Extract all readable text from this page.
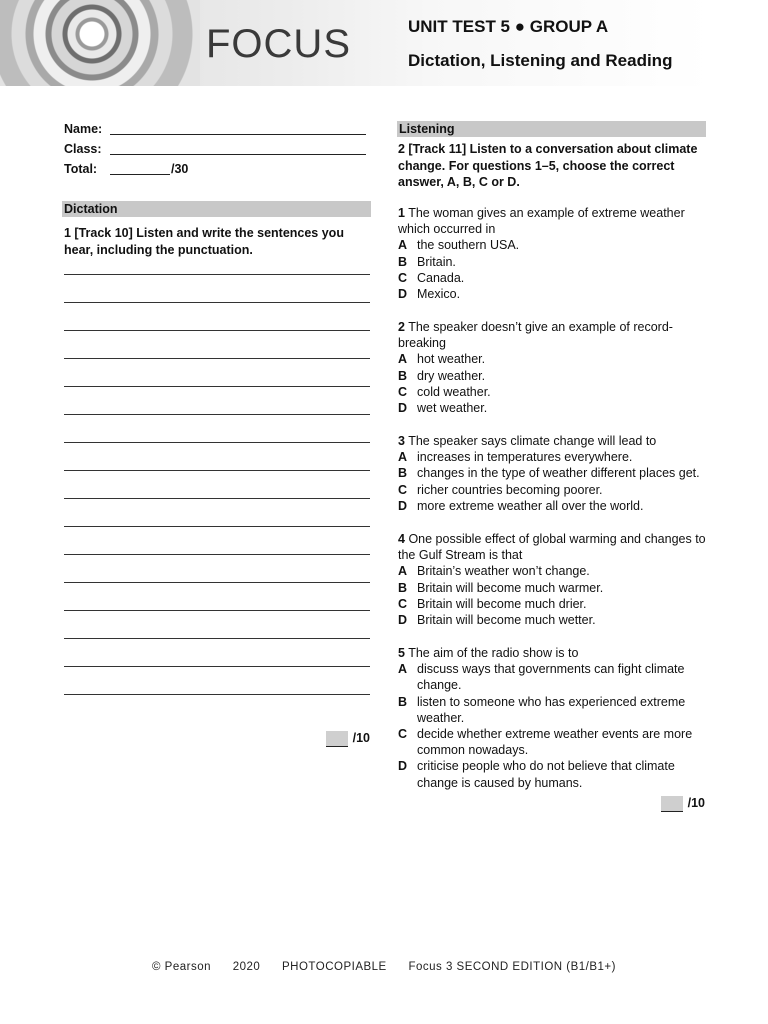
FOCUS	UNIT TEST 5 ● GROUP A
Dictation, Listening and Reading
Name:
Class:
Total:	/30
Dictation
1 [Track 10] Listen and write the sentences you hear, including the punctuation.
/10
Listening
2 [Track 11] Listen to a conversation about climate change. For questions 1–5, choose the correct answer, A, B, C or D.
1 The woman gives an example of extreme weather which occurred in
A the southern USA.
B Britain.
C Canada.
D Mexico.
2 The speaker doesn’t give an example of record-breaking
A hot weather.
B dry weather.
C cold weather.
D wet weather.
3 The speaker says climate change will lead to
A increases in temperatures everywhere.
B changes in the type of weather different places get.
C richer countries becoming poorer.
D more extreme weather all over the world.
4 One possible effect of global warming and changes to the Gulf Stream is that
A Britain’s weather won’t change.
B Britain will become much warmer.
C Britain will become much drier.
D Britain will become much wetter.
5 The aim of the radio show is to
A discuss ways that governments can fight climate change.
B listen to someone who has experienced extreme weather.
C decide whether extreme weather events are more common nowadays.
D criticise people who do not believe that climate change is caused by humans.
/10
© Pearson 2020 PHOTOCOPIABLE Focus 3 SECOND EDITION (B1/B1+)
